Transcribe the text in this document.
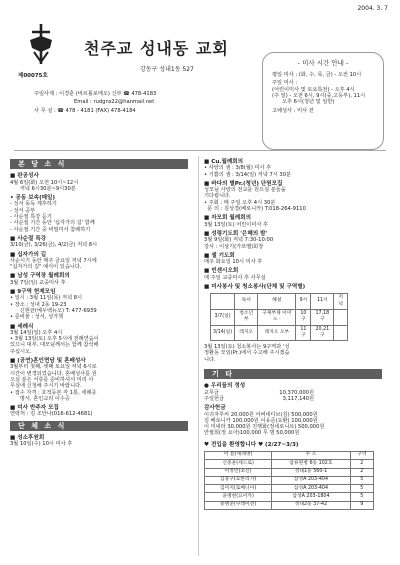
2004. 3. 7
제00075호
천주교 성내동 교회
강동구 성내1동 527
주임사제 : 이경훈 (바르톨로메오) 신부 ☎ 478-4183
Email : rudgns22@hanmail.net
사 무 실 : ☎ 478 - 4181 (FAX) 478-4184
- 미사 시간 안내 -
평일 미사 : (화, 수, 목, 금) - 오전 10시
주일 미사 :
(어린이미사 및 토요특전) - 오후 4시
(주 일) - 오전 6시, 9시(중,고등부), 11시
오후 6시(청년 및 일반)
고해성사 : 미사 전
본 당 소 식
■ 판공성사

4월 6일(화) 오전 10시~12시

저녁 6시30분~9시30분

• 공동 보속(매일)

- 성서 동독 제후하기

- 성서 공부

- 사순절 특강 듣기

- 사순절 기간 동안 '십자가의 길' 함께

- 사순절 기간 중 비밀미사 참례하기

■ 사순절 특강

3/10(금), 3/26(금), 4/2(금) 저녁 8시

■ 십자가의 길

사순시기 동안 매주 금요일 저녁 7시에

"십자가의 길" 예식이 있습니다.

■ 남성 구역장 월례회의

3월 7일(일) 교중미사 후

■ 9구역 헌제모임

• 일시 : 3월 11일(목) 저녁 8시

• 장소 : 성내 2동 19-23

신현균(베우벡뉴오) T: 477-6939

• 준비물 : 성서, 성가책

■ 세례식

3월 14일(일) 오후 4시

• 3월 13일(토) 오후 5시에 전례연습이

있으니 대부, 대모님께서는 함께 참석해

주십시오.

■ (공연)혼인면담 및 혼배성사

3월부터 첫째, 셋째 토요일 저녁 6시로

시간이 변경되었습니다. 혼배성사를 원

으실 분은 서류를 준비하셔서 미리 사

무실에 신청해 주시기 바랍니다.

• 접수 자격 : 호적등본 각 1통, 세례증

명서, 혼인교리 이수증

■ 미사 반주자 모집

연락처 : 김 조안나(016-612-4681)

단 체 소 식
■ 성소후원회

3월 10일(수) 10시 미사 후

■ Cu.월례회의

• 사랑의 샘 : 3/8(월) 미사 후

• 기쁨의 샘 : 3/14(일) 저녁 7시 30분

■ 바다의 별Pr.(청년) 단원모집

성모님 사랑의 전교를 원으실 분들을

기다립니다.

• 주회 : 매 주일 오후 4시 30분

문 의 : 김성경(베로니카) T:018-264-9110

■ 자모회 월례회의

3월 13일(토) 어린이미사 후

■ 성령기도회 '은혜의 밤'

3월 9일(화) 저녁 7:30-10:00

강사 : 이상기(가르멜)회장

■ 셀 기도회

매주 화요일 10시 미사 후

■ 빈센시오회

매 주일 교중미사 후 사무실

■ 미사봉사 및 청소봉사(단체 및 구역별)
	독서	해설	9시	11시	저녁
3/7(일)	청소년 부	구제부제 이미노 ·	10구	17,18구	
3/14(일)	레지오	레지오 오부	11구	20,21구	

3월 13일(토) 청소봉사는 9구역과 '성

정환동 모임(Pr.)에서 수고해 주시겠습

니다.

기 타
● 우리들의 정성
교무금	10,370,000원
주일헌금	3,117,140원
감사헌금

이귀자루씨 20,000원 어버네디브(김) 500,000원

김 베로니카 100,000원 이유준(요환) 100,000원

이 미네라 30,000원 진행화(정네로니브) 500,000원

안필희(정 요아)100,000 무 명 50,000원

♥ 전입을 환영합니다 ♥ (2/27~3/3)
이 름(세례명)	주 소	구역
신중훈(세드로)	암류원병 6동 102호	2
이정민(초신)	성내1동 560-1	2
김중구(요한리사)	삼성A 203-404	5
김미지(로베니아)	삼성A 203-404	5
윤병찬(요이카)	삼성A 203-1804	5
송병준(쿠레이션)	성내2동 37-42	9
